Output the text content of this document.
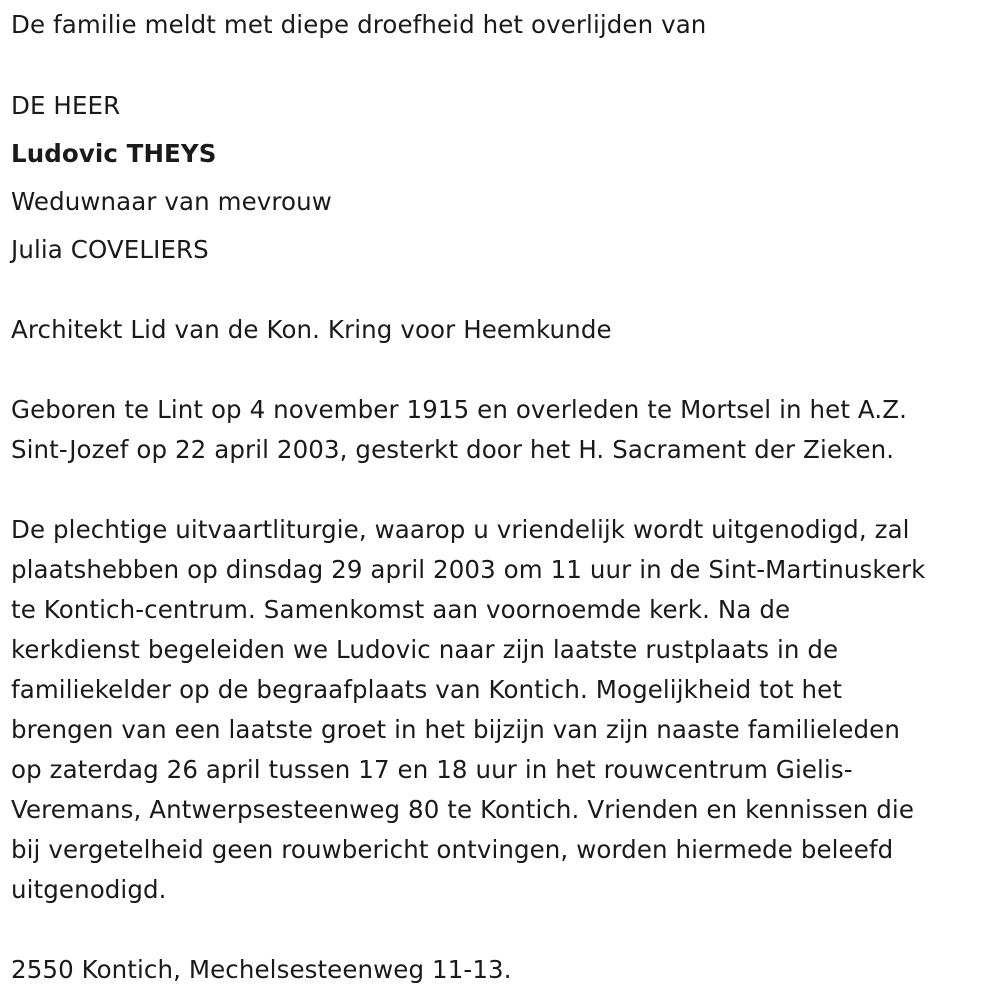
De familie meldt met diepe droefheid het overlijden van
DE HEER
Ludovic THEYS
Weduwnaar van mevrouw
Julia COVELIERS
Architekt Lid van de Kon. Kring voor Heemkunde
Geboren te Lint op 4 november 1915 en overleden te Mortsel in het A.Z.
Sint-Jozef op 22 april 2003, gesterkt door het H. Sacrament der Zieken.
De plechtige uitvaartliturgie, waarop u vriendelijk wordt uitgenodigd, zal
plaatshebben op dinsdag 29 april 2003 om 11 uur in de Sint-Martinuskerk
te Kontich-centrum. Samenkomst aan voornoemde kerk. Na de
kerkdienst begeleiden we Ludovic naar zijn laatste rustplaats in de
familiekelder op de begraafplaats van Kontich. Mogelijkheid tot het
brengen van een laatste groet in het bijzijn van zijn naaste familieleden
op zaterdag 26 april tussen 17 en 18 uur in het rouwcentrum Gielis-
Veremans, Antwerpsesteenweg 80 te Kontich. Vrienden en kennissen die
bij vergetelheid geen rouwbericht ontvingen, worden hiermede beleefd
uitgenodigd.
2550 Kontich, Mechelsesteenweg 11-13.
